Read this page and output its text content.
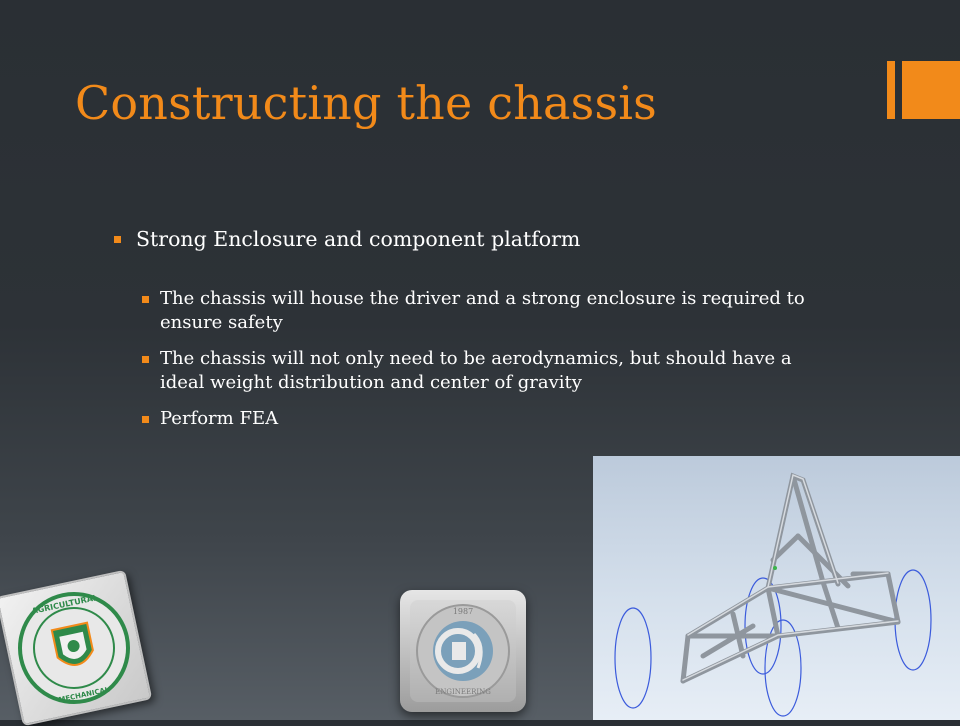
Constructing the chassis
Strong Enclosure and component platform
The chassis will house the driver and a strong enclosure is required to ensure safety
The chassis will not only need to be aerodynamics, but should have a ideal weight distribution and center of gravity
Perform FEA
AGRICULTURAL
MECHANICAL
1987
ENGINEERING
